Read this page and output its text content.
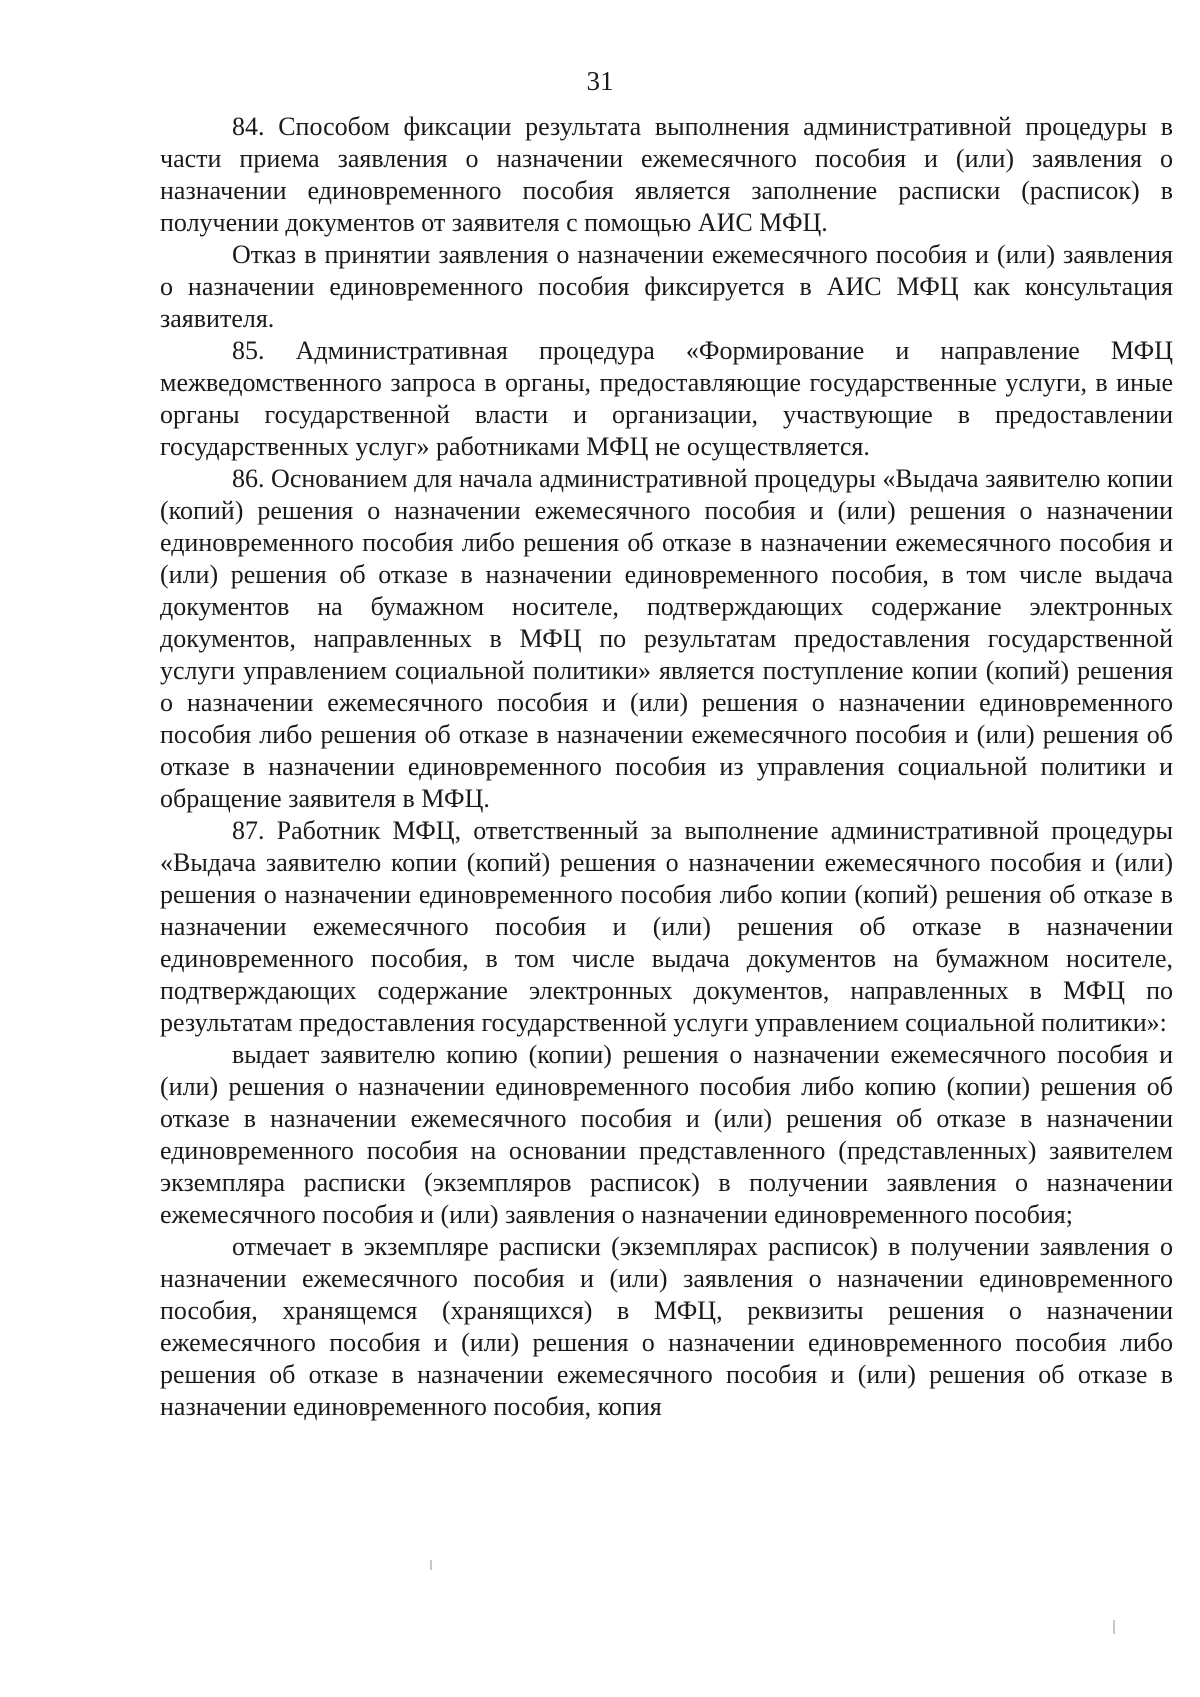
31

84. Способом фиксации результата выполнения административной процедуры в части приема заявления о назначении ежемесячного пособия и (или) заявления о назначении единовременного пособия является заполнение расписки (расписок) в получении документов от заявителя с помощью АИС МФЦ.

Отказ в принятии заявления о назначении ежемесячного пособия и (или) заявления о назначении единовременного пособия фиксируется в АИС МФЦ как консультация заявителя.

85. Административная процедура «Формирование и направление МФЦ межведомственного запроса в органы, предоставляющие государственные услуги, в иные органы государственной власти и организации, участвующие в предоставлении государственных услуг» работниками МФЦ не осуществляется.

86. Основанием для начала административной процедуры «Выдача заявителю копии (копий) решения о назначении ежемесячного пособия и (или) решения о назначении единовременного пособия либо решения об отказе в назначении ежемесячного пособия и (или) решения об отказе в назначении единовременного пособия, в том числе выдача документов на бумажном носителе, подтверждающих содержание электронных документов, направленных в МФЦ по результатам предоставления государственной услуги управлением социальной политики» является поступление копии (копий) решения о назначении ежемесячного пособия и (или) решения о назначении единовременного пособия либо решения об отказе в назначении ежемесячного пособия и (или) решения об отказе в назначении единовременного пособия из управления социальной политики и обращение заявителя в МФЦ.

87. Работник МФЦ, ответственный за выполнение административной процедуры «Выдача заявителю копии (копий) решения о назначении ежемесячного пособия и (или) решения о назначении единовременного пособия либо копии (копий) решения об отказе в назначении ежемесячного пособия и (или) решения об отказе в назначении единовременного пособия, в том числе выдача документов на бумажном носителе, подтверждающих содержание электронных документов, направленных в МФЦ по результатам предоставления государственной услуги управлением социальной политики»:

выдает заявителю копию (копии) решения о назначении ежемесячного пособия и (или) решения о назначении единовременного пособия либо копию (копии) решения об отказе в назначении ежемесячного пособия и (или) решения об отказе в назначении единовременного пособия на основании представленного (представленных) заявителем экземпляра расписки (экземпляров расписок) в получении заявления о назначении ежемесячного пособия и (или) заявления о назначении единовременного пособия;

отмечает в экземпляре расписки (экземплярах расписок) в получении заявления о назначении ежемесячного пособия и (или) заявления о назначении единовременного пособия, хранящемся (хранящихся) в МФЦ, реквизиты решения о назначении ежемесячного пособия и (или) решения о назначении единовременного пособия либо решения об отказе в назначении ежемесячного пособия и (или) решения об отказе в назначении единовременного пособия, копия
